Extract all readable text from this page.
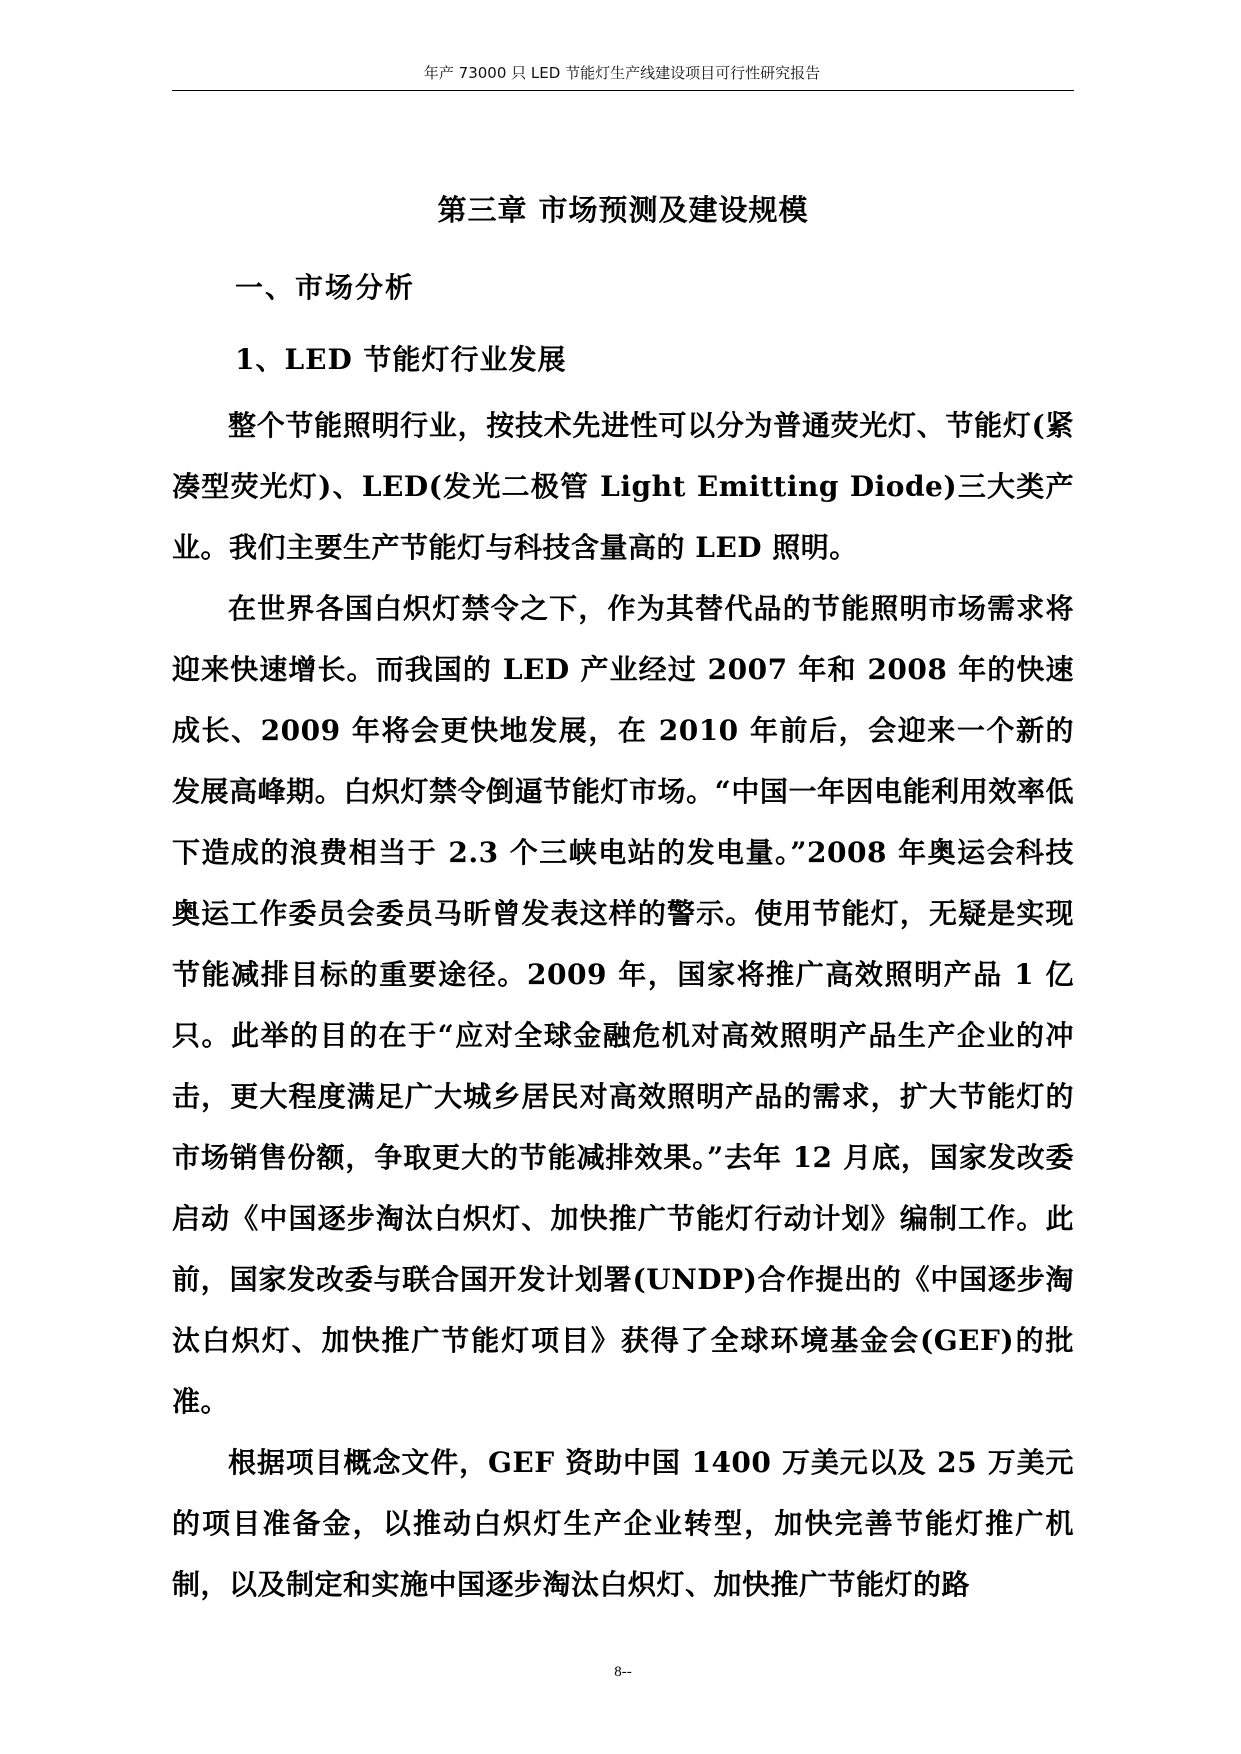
年产 73000 只 LED 节能灯生产线建设项目可行性研究报告
第三章 市场预测及建设规模
一、市场分析
1、LED 节能灯行业发展

整个节能照明行业，按技术先进性可以分为普通荧光灯、节能灯(紧凑型荧光灯)、LED(发光二极管 Light Emitting Diode)三大类产业。我们主要生产节能灯与科技含量高的 LED 照明。

在世界各国白炽灯禁令之下，作为其替代品的节能照明市场需求将迎来快速增长。而我国的 LED 产业经过 2007 年和 2008 年的快速成长、2009 年将会更快地发展，在 2010 年前后，会迎来一个新的发展高峰期。白炽灯禁令倒逼节能灯市场。“中国一年因电能利用效率低下造成的浪费相当于 2.3 个三峡电站的发电量。”2008 年奥运会科技奥运工作委员会委员马昕曾发表这样的警示。使用节能灯，无疑是实现节能减排目标的重要途径。2009 年，国家将推广高效照明产品 1 亿只。此举的目的在于“应对全球金融危机对高效照明产品生产企业的冲击，更大程度满足广大城乡居民对高效照明产品的需求，扩大节能灯的市场销售份额，争取更大的节能减排效果。”去年 12 月底，国家发改委启动《中国逐步淘汰白炽灯、加快推广节能灯行动计划》编制工作。此前，国家发改委与联合国开发计划署(UNDP)合作提出的《中国逐步淘汰白炽灯、加快推广节能灯项目》获得了全球环境基金会(GEF)的批准。

根据项目概念文件，GEF 资助中国 1400 万美元以及 25 万美元的项目准备金，以推动白炽灯生产企业转型，加快完善节能灯推广机制，以及制定和实施中国逐步淘汰白炽灯、加快推广节能灯的路

8--
